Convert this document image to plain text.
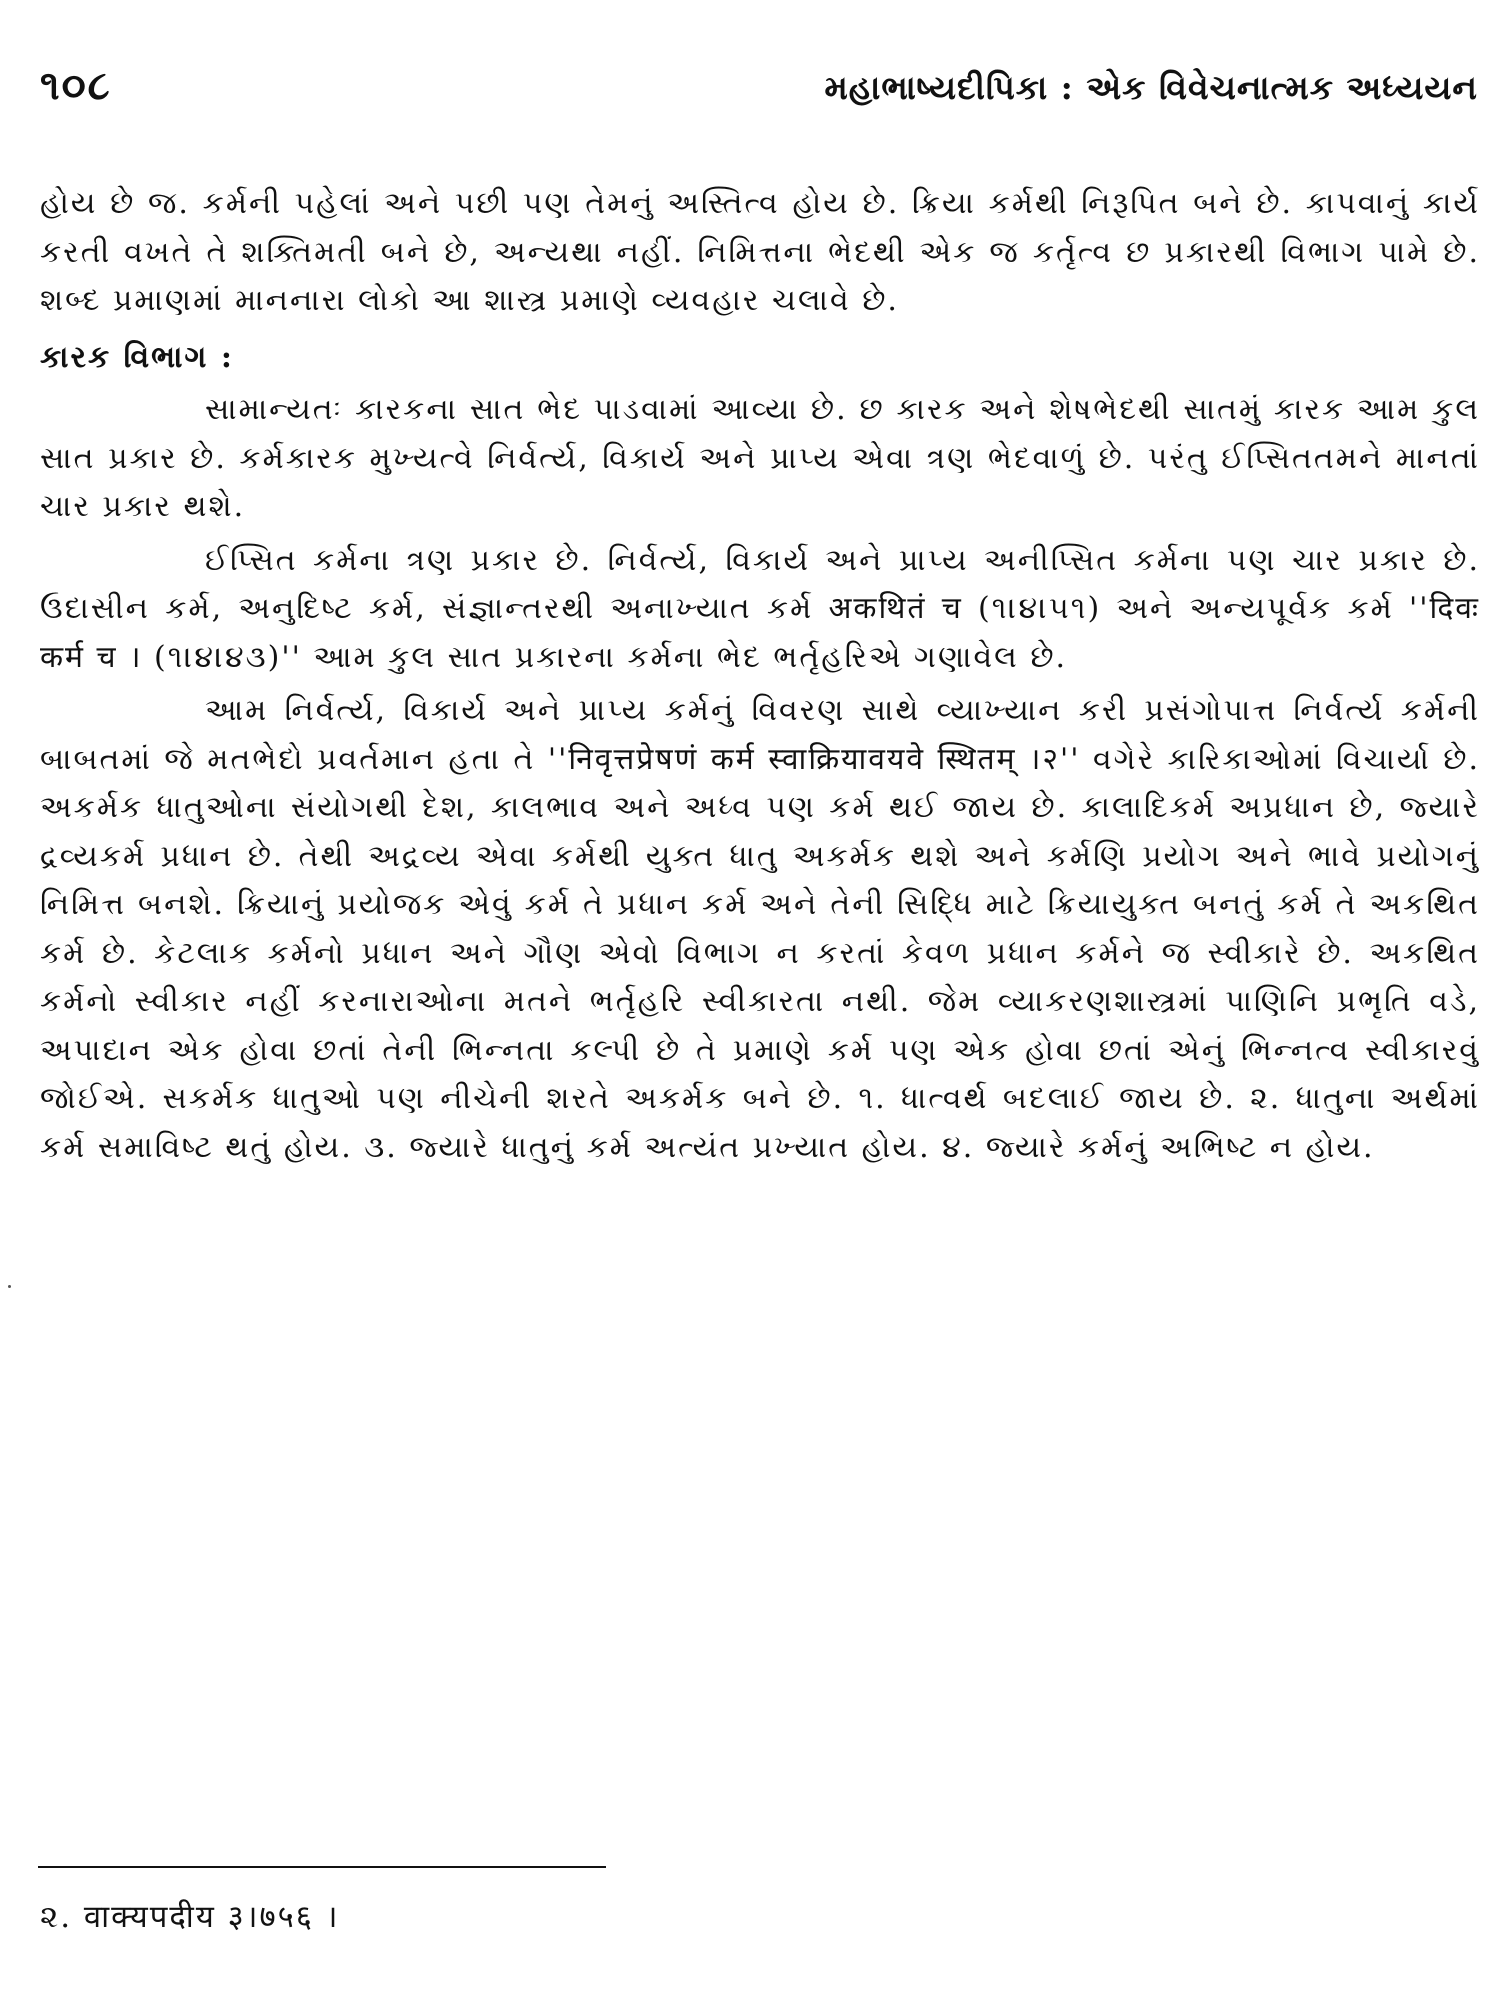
૧૦૮	મહાભાષ્યદીપિકા : એક વિવેચનાત્મક અધ્યયન

હોય છે જ. કર્મની પહેલાં અને પછી પણ તેમનું અસ્તિત્વ હોય છે. ક્રિયા કર્મથી નિરૂપિત બને છે. કાપવાનું કાર્ય કરતી વખતે તે શક્તિમતી બને છે, અન્યથા નહીં. નિમિત્તના ભેદથી એક જ કર્તૃત્વ છ પ્રકારથી વિભાગ પામે છે. શબ્દ પ્રમાણમાં માનનારા લોકો આ શાસ્ત્ર પ્રમાણે વ્યવહાર ચલાવે છે.

કારક વિભાગ :

સામાન્યતઃ કારકના સાત ભેદ પાડવામાં આવ્યા છે. છ કારક અને શેષભેદથી સાતમું કારક આમ કુલ સાત પ્રકાર છે. કર્મકારક મુખ્યત્વે નિર્વર્ત્ય, વિકાર્ય અને પ્રાપ્ય એવા ત્રણ ભેદવાળું છે. પરંતુ ઈપ્સિતતમને માનતાં ચાર પ્રકાર થશે.

ઈપ્સિત કર્મના ત્રણ પ્રકાર છે. નિર્વર્ત્ય, વિકાર્ય અને પ્રાપ્ય અનીપ્સિત કર્મના પણ ચાર પ્રકાર છે. ઉદાસીન કર્મ, અનુદિષ્ટ કર્મ, સંજ્ઞાન્તરથી અનાખ્યાત કર્મ अकथितं च (૧।૪।૫૧) અને અન્યપૂર્વક કર્મ ''दिवः कर्म च । (૧।૪।૪૩)'' આમ કુલ સાત પ્રકારના કર્મના ભેદ ભર્તૃહરિએ ગણાવેલ છે.

આમ નિર્વર્ત્ય, વિકાર્ય અને પ્રાપ્ય કર્મનું વિવરણ સાથે વ્યાખ્યાન કરી પ્રસંગોપાત્ત નિર્વર્ત્ય કર્મની બાબતમાં જે મતભેદો પ્રવર્તમાન હતા તે ''निवृत्तप्रेषणं कर्म स्वाक्रियावयवे स्थितम् ।२'' વગેરે કારિકાઓમાં વિચાર્યા છે. અકર્મક ધાતુઓના સંયોગથી દેશ, કાલભાવ અને અધ્વ પણ કર્મ થઈ જાય છે. કાલાદિકર્મ અપ્રધાન છે, જ્યારે દ્રવ્યકર્મ પ્રધાન છે. તેથી અદ્રવ્ય એવા કર્મથી યુક્ત ધાતુ અકર્મક થશે અને કર્મણિ પ્રયોગ અને ભાવે પ્રયોગનું નિમિત્ત બનશે. ક્રિયાનું પ્રયોજક એવું કર્મ તે પ્રધાન કર્મ અને તેની સિદ્ધિ માટે ક્રિયાયુક્ત બનતું કર્મ તે અકથિત કર્મ છે. કેટલાક કર્મનો પ્રધાન અને ગૌણ એવો વિભાગ ન કરતાં કેવળ પ્રધાન કર્મને જ સ્વીકારે છે. અકથિત કર્મનો સ્વીકાર નહીં કરનારાઓના મતને ભર્તૃહરિ સ્વીકારતા નથી. જેમ વ્યાકરણશાસ્ત્રમાં પાણિનિ પ્રભૃતિ વડે, અપાદાન એક હોવા છતાં તેની ભિન્નતા કલ્પી છે તે પ્રમાણે કર્મ પણ એક હોવા છતાં એનું ભિન્નત્વ સ્વીકારવું જોઈએ. સકર્મક ધાતુઓ પણ નીચેની શરતે અકર્મક બને છે. ૧. ધાત્વર્થ બદલાઈ જાય છે. ૨. ધાતુના અર્થમાં કર્મ સમાવિષ્ટ થતું હોય. ૩. જ્યારે ધાતુનું કર્મ અત્યંત પ્રખ્યાત હોય. ૪. જ્યારે કર્મનું અભિષ્ટ ન હોય.

૨. वाक्यपदीय ३।७५६ ।
